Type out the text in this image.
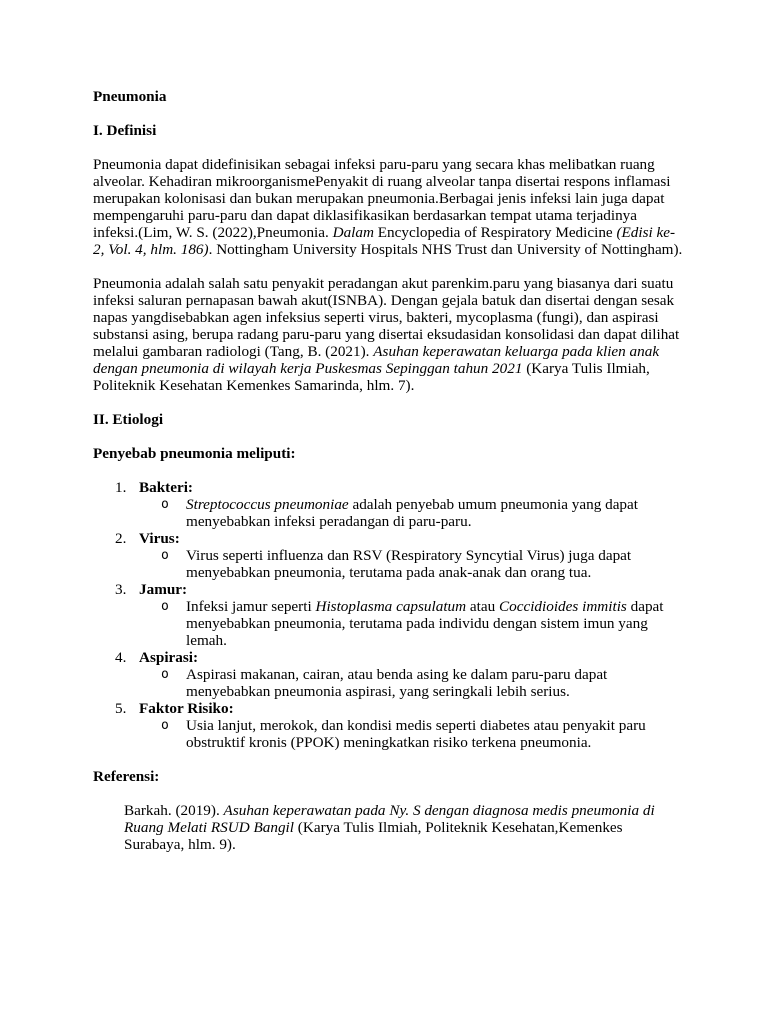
Pneumonia

I. Definisi

Pneumonia dapat didefinisikan sebagai infeksi paru-paru yang secara khas melibatkan ruang alveolar. Kehadiran mikroorganismePenyakit di ruang alveolar tanpa disertai respons inflamasi merupakan kolonisasi dan bukan merupakan pneumonia.Berbagai jenis infeksi lain juga dapat mempengaruhi paru-paru dan dapat diklasifikasikan berdasarkan tempat utama terjadinya infeksi.(Lim, W. S. (2022),Pneumonia. Dalam Encyclopedia of Respiratory Medicine (Edisi ke-2, Vol. 4, hlm. 186). Nottingham University Hospitals NHS Trust dan University of Nottingham).

Pneumonia adalah salah satu penyakit peradangan akut parenkim.paru yang biasanya dari suatu infeksi saluran pernapasan bawah akut(ISNBA). Dengan gejala batuk dan disertai dengan sesak napas yangdisebabkan agen infeksius seperti virus, bakteri, mycoplasma (fungi), dan aspirasi substansi asing, berupa radang paru-paru yang disertai eksudasidan konsolidasi dan dapat dilihat melalui gambaran radiologi (Tang, B. (2021). Asuhan keperawatan keluarga pada klien anak dengan pneumonia di wilayah kerja Puskesmas Sepinggan tahun 2021 (Karya Tulis Ilmiah, Politeknik Kesehatan Kemenkes Samarinda, hlm. 7).

II. Etiologi

Penyebab pneumonia meliputi:

1. Bakteri:
o Streptococcus pneumoniae adalah penyebab umum pneumonia yang dapat menyebabkan infeksi peradangan di paru-paru.
2. Virus:
o Virus seperti influenza dan RSV (Respiratory Syncytial Virus) juga dapat menyebabkan pneumonia, terutama pada anak-anak dan orang tua.
3. Jamur:
o Infeksi jamur seperti Histoplasma capsulatum atau Coccidioides immitis dapat menyebabkan pneumonia, terutama pada individu dengan sistem imun yang lemah.
4. Aspirasi:
o Aspirasi makanan, cairan, atau benda asing ke dalam paru-paru dapat menyebabkan pneumonia aspirasi, yang seringkali lebih serius.
5. Faktor Risiko:
o Usia lanjut, merokok, dan kondisi medis seperti diabetes atau penyakit paru obstruktif kronis (PPOK) meningkatkan risiko terkena pneumonia.

Referensi:

Barkah. (2019). Asuhan keperawatan pada Ny. S dengan diagnosa medis pneumonia di Ruang Melati RSUD Bangil (Karya Tulis Ilmiah, Politeknik Kesehatan,Kemenkes Surabaya, hlm. 9).
